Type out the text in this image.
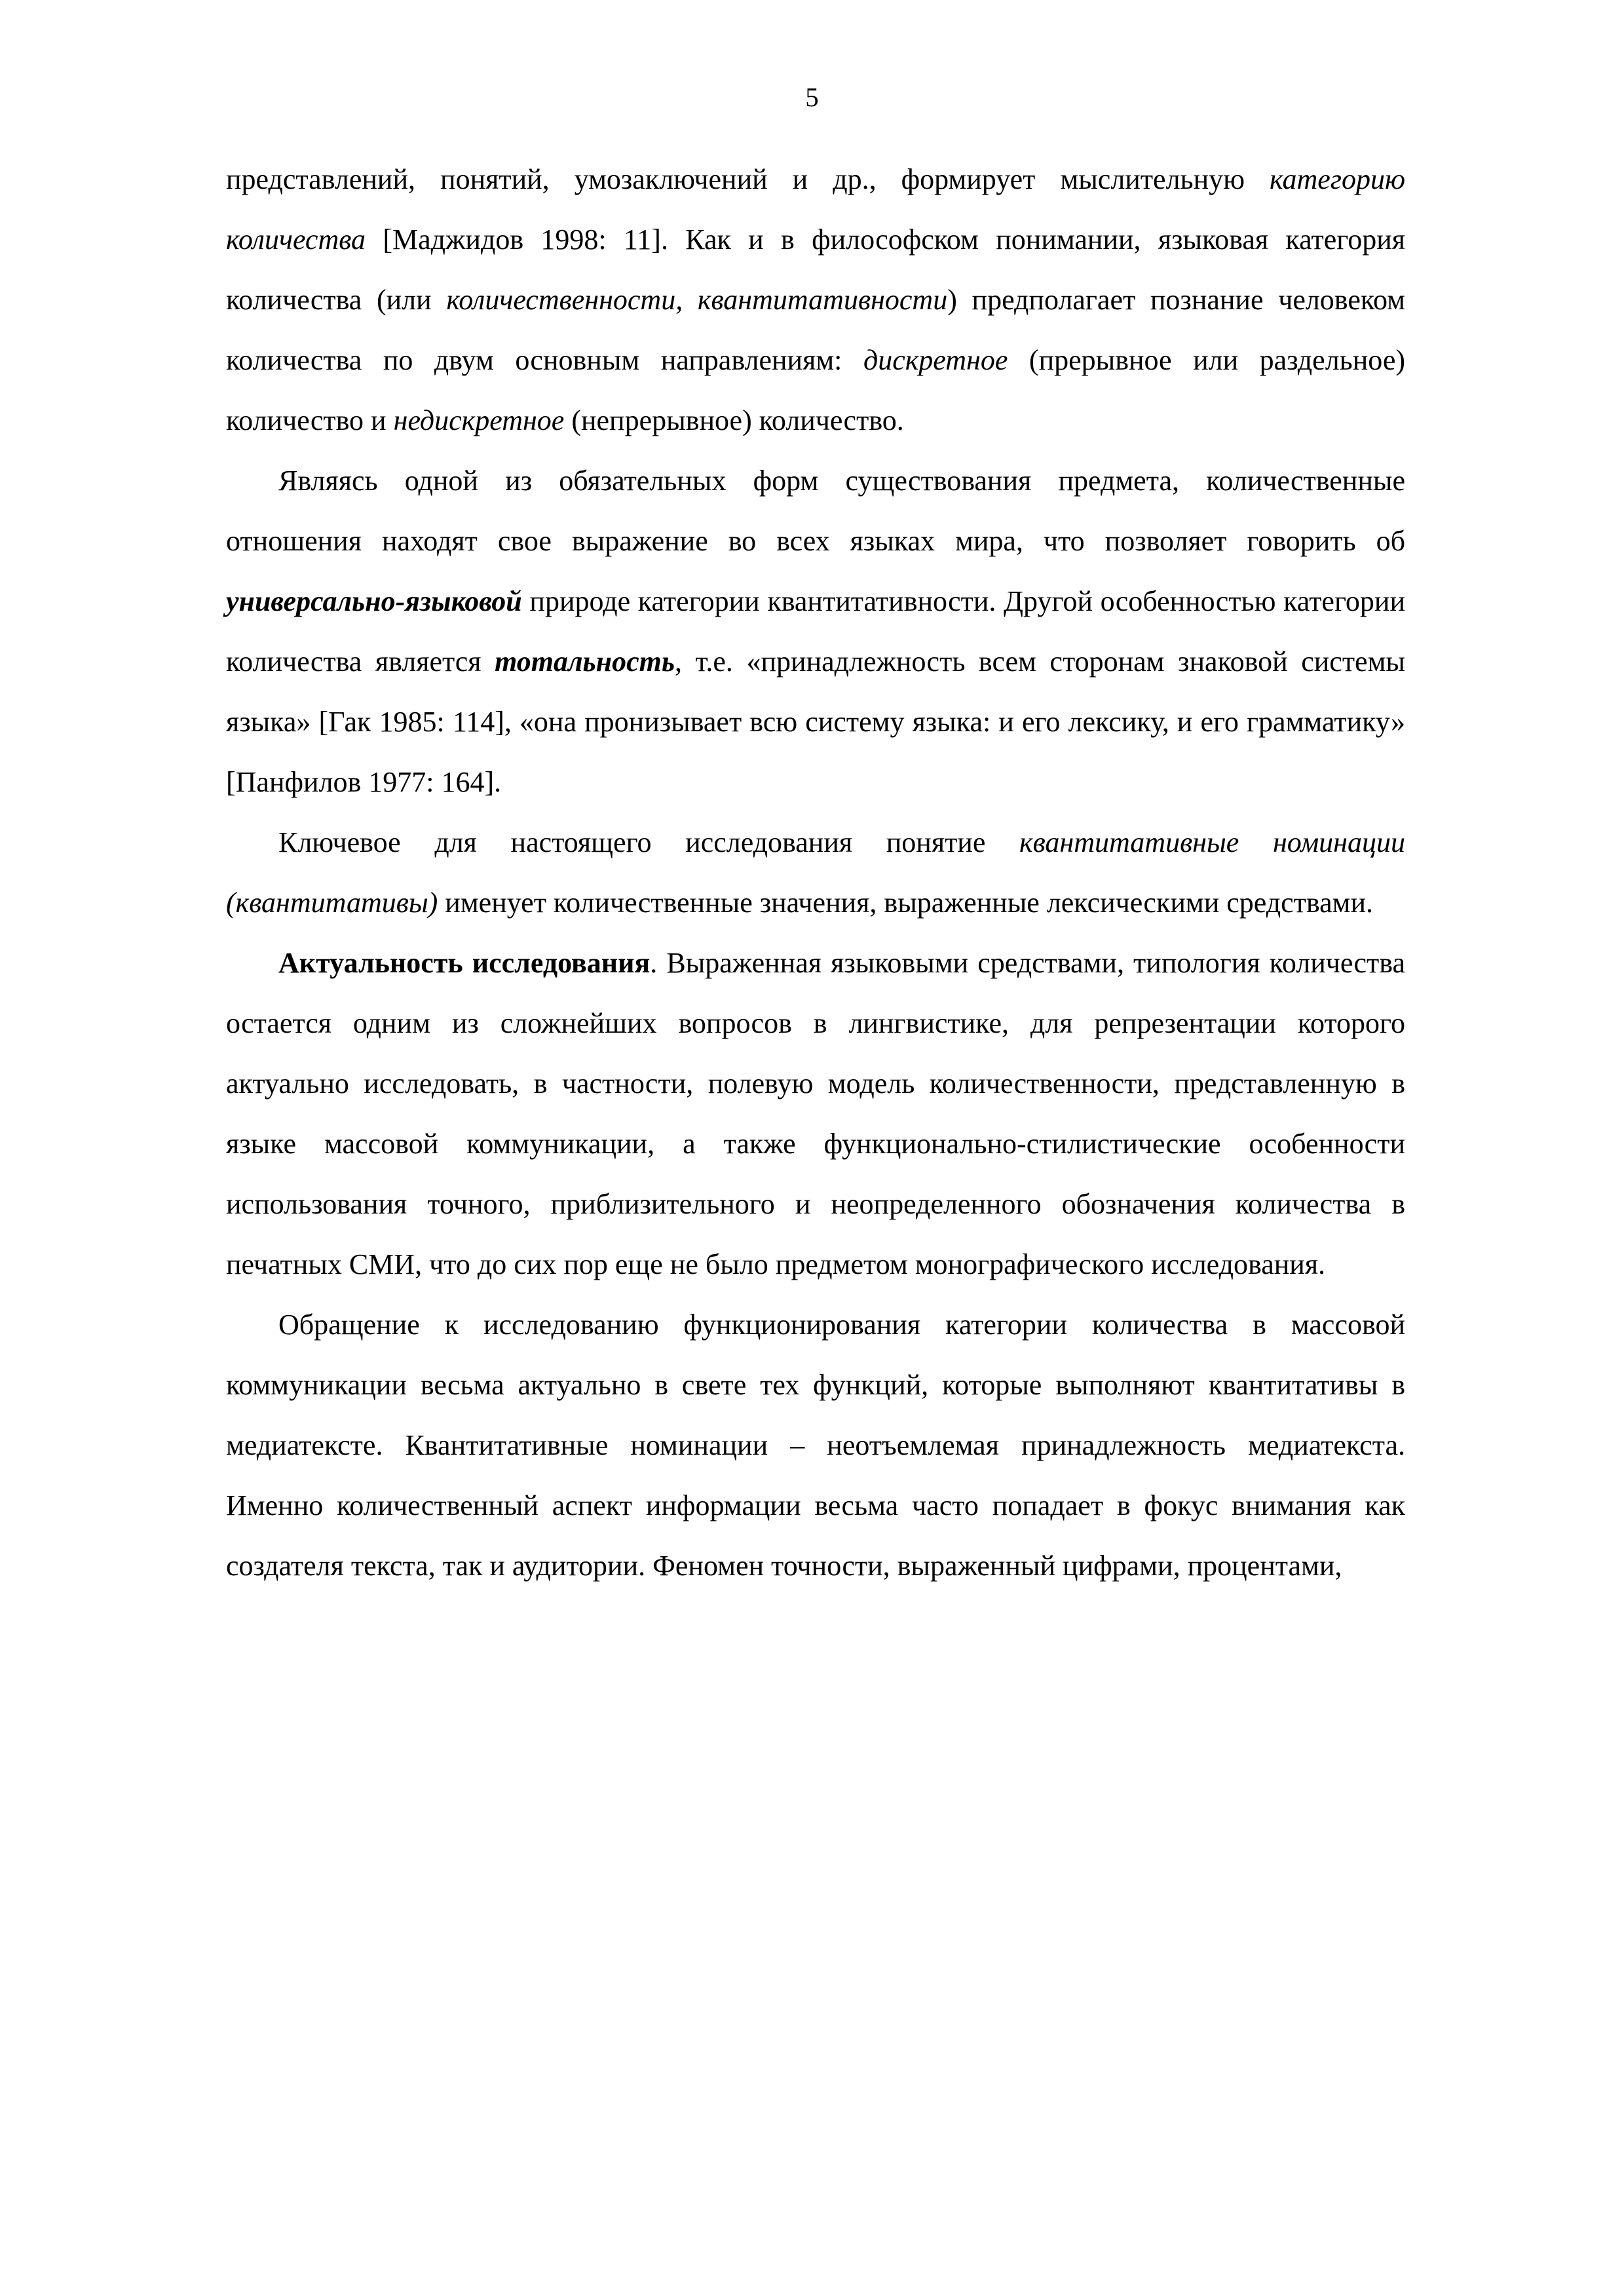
5

представлений, понятий, умозаключений и др., формирует мыслительную категорию количества [Маджидов 1998: 11]. Как и в философском понимании, языковая категория количества (или количественности, квантитативности) предполагает познание человеком количества по двум основным направлениям: дискретное (прерывное или раздельное) количество и недискретное (непрерывное) количество.

Являясь одной из обязательных форм существования предмета, количественные отношения находят свое выражение во всех языках мира, что позволяет говорить об универсально-языковой природе категории квантитативности. Другой особенностью категории количества является тотальность, т.е. «принадлежность всем сторонам знаковой системы языка» [Гак 1985: 114], «она пронизывает всю систему языка: и его лексику, и его грамматику» [Панфилов 1977: 164].

Ключевое для настоящего исследования понятие квантитативные номинации (квантитативы) именует количественные значения, выраженные лексическими средствами.

Актуальность исследования. Выраженная языковыми средствами, типология количества остается одним из сложнейших вопросов в лингвистике, для репрезентации которого актуально исследовать, в частности, полевую модель количественности, представленную в языке массовой коммуникации, а также функционально-стилистические особенности использования точного, приблизительного и неопределенного обозначения количества в печатных СМИ, что до сих пор еще не было предметом монографического исследования.

Обращение к исследованию функционирования категории количества в массовой коммуникации весьма актуально в свете тех функций, которые выполняют квантитативы в медиатексте. Квантитативные номинации – неотъемлемая принадлежность медиатекста. Именно количественный аспект информации весьма часто попадает в фокус внимания как создателя текста, так и аудитории. Феномен точности, выраженный цифрами, процентами,
